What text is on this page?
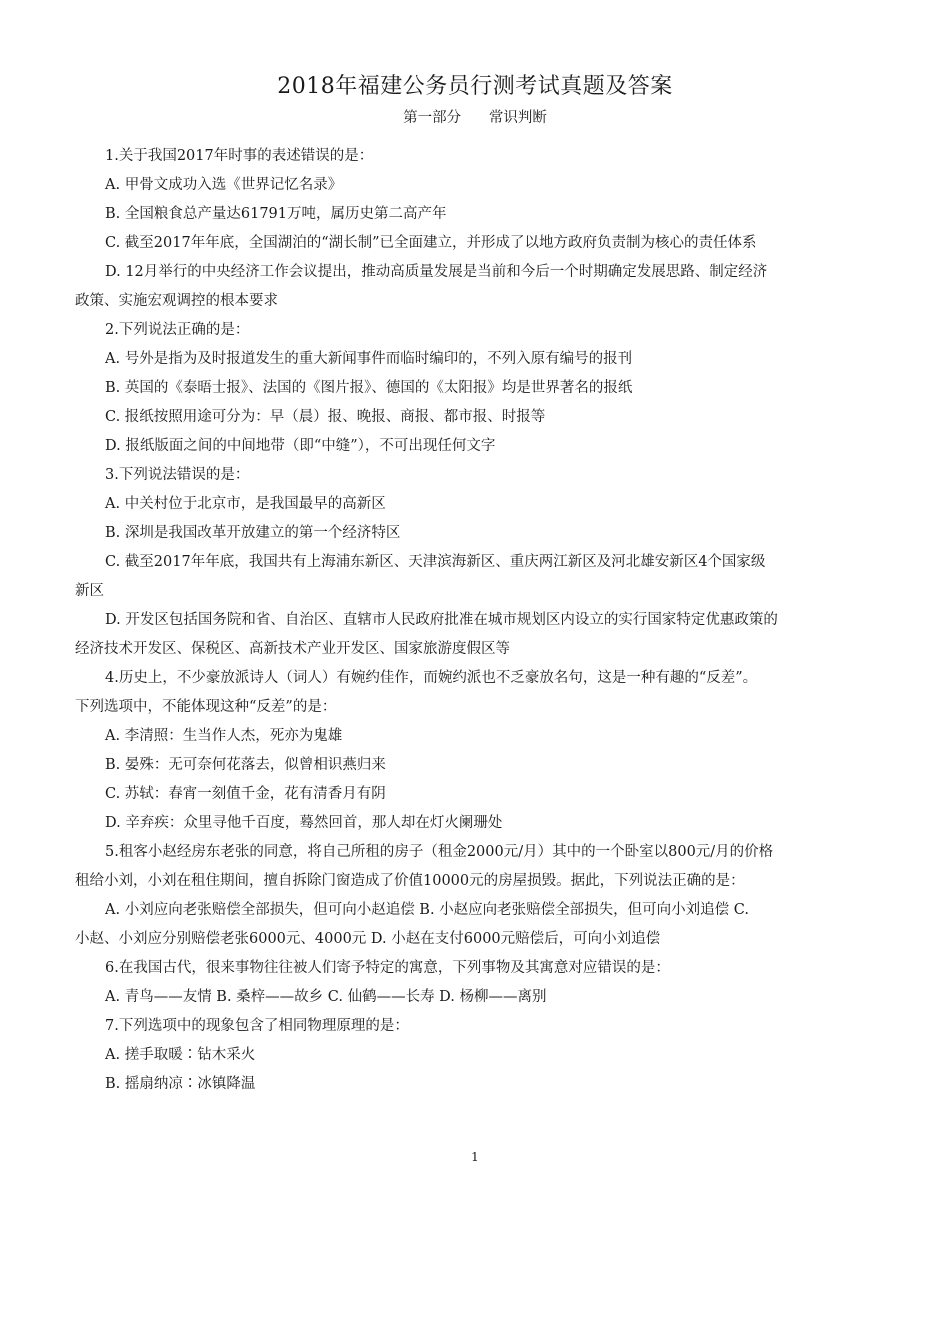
2018年福建公务员行测考试真题及答案
第一部分      常识判断
1.关于我国2017年时事的表述错误的是：
A. 甲骨文成功入选《世界记忆名录》
B. 全国粮食总产量达61791万吨，属历史第二高产年
C. 截至2017年年底，全国湖泊的“湖长制”已全面建立，并形成了以地方政府负责制为核心的责任体系
D. 12月举行的中央经济工作会议提出，推动高质量发展是当前和今后一个时期确定发展思路、制定经济
政策、实施宏观调控的根本要求
2.下列说法正确的是：
A. 号外是指为及时报道发生的重大新闻事件而临时编印的，不列入原有编号的报刊
B. 英国的《泰晤士报》、法国的《图片报》、德国的《太阳报》均是世界著名的报纸
C. 报纸按照用途可分为：早（晨）报、晚报、商报、都市报、时报等
D. 报纸版面之间的中间地带（即“中缝”），不可出现任何文字
3.下列说法错误的是：
A. 中关村位于北京市，是我国最早的高新区
B. 深圳是我国改革开放建立的第一个经济特区
C. 截至2017年年底，我国共有上海浦东新区、天津滨海新区、重庆两江新区及河北雄安新区4个国家级
新区
D. 开发区包括国务院和省、自治区、直辖市人民政府批准在城市规划区内设立的实行国家特定优惠政策的
经济技术开发区、保税区、高新技术产业开发区、国家旅游度假区等
4.历史上，不少豪放派诗人（词人）有婉约佳作，而婉约派也不乏豪放名句，这是一种有趣的“反差”。
下列选项中，不能体现这种“反差”的是：
A. 李清照：生当作人杰，死亦为鬼雄
B. 晏殊：无可奈何花落去，似曾相识燕归来
C. 苏轼：春宵一刻值千金，花有清香月有阴
D. 辛弃疾：众里寻他千百度，蓦然回首，那人却在灯火阑珊处
5.租客小赵经房东老张的同意，将自己所租的房子（租金2000元/月）其中的一个卧室以800元/月的价格
租给小刘，小刘在租住期间，擅自拆除门窗造成了价值10000元的房屋损毁。据此，下列说法正确的是：
A. 小刘应向老张赔偿全部损失，但可向小赵追偿 B. 小赵应向老张赔偿全部损失，但可向小刘追偿 C.
小赵、小刘应分别赔偿老张6000元、4000元 D. 小赵在支付6000元赔偿后，可向小刘追偿
6.在我国古代，很来事物往往被人们寄予特定的寓意，下列事物及其寓意对应错误的是：
A. 青鸟——友情 B. 桑梓——故乡 C. 仙鹤——长寿 D. 杨柳——离别
7.下列选项中的现象包含了相同物理原理的是：
A. 搓手取暖∶钻木采火
B. 摇扇纳凉∶冰镇降温
1
